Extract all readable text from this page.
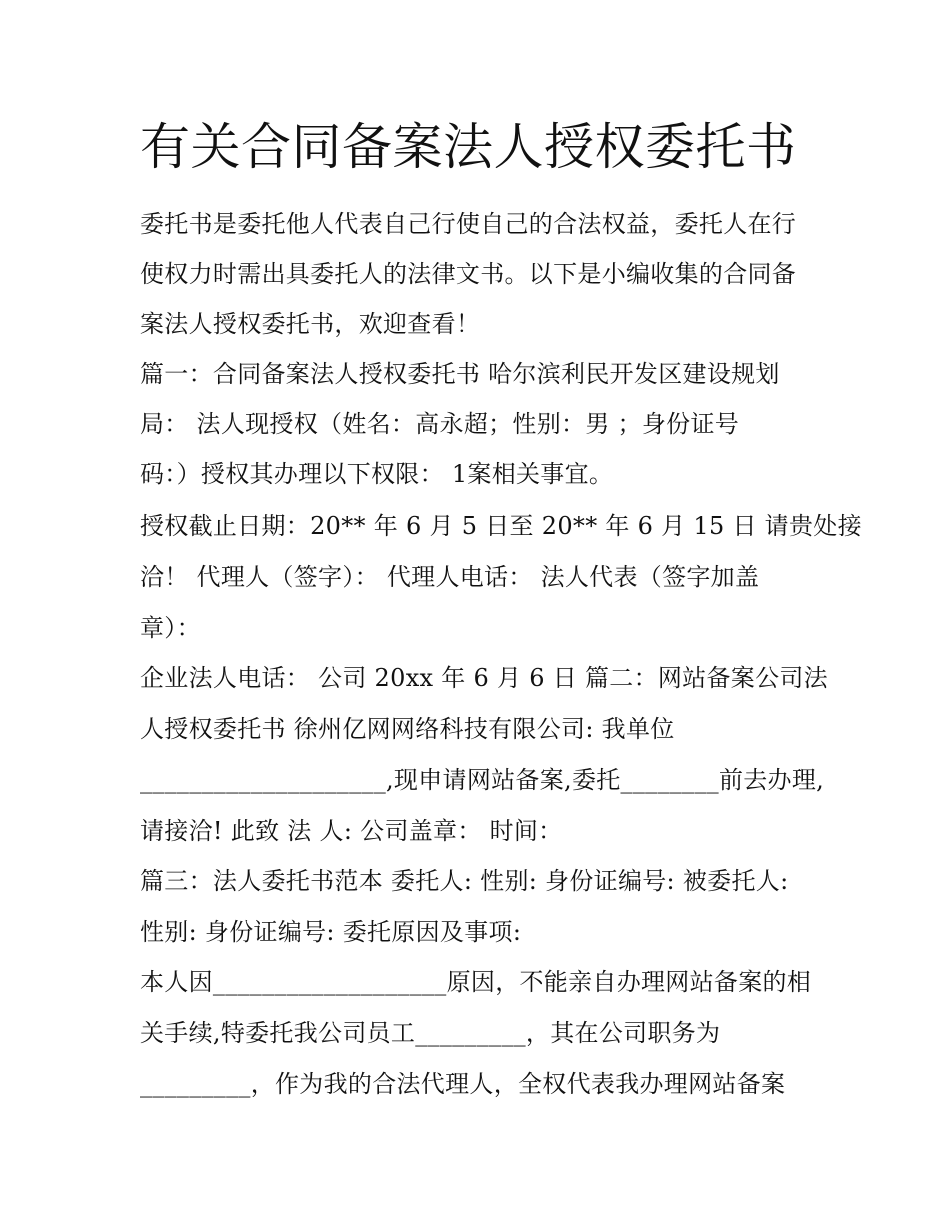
有关合同备案法人授权委托书
委托书是委托他人代表自己行使自己的合法权益，委托人在行
使权力时需出具委托人的法律文书。以下是小编收集的合同备
案法人授权委托书，欢迎查看！
篇一：合同备案法人授权委托书 哈尔滨利民开发区建设规划
局： 法人现授权（姓名：高永超；性别：男 ；身份证号
码：）授权其办理以下权限： 1案相关事宜。
授权截止日期：20** 年 6 月 5 日至 20** 年 6 月 15 日 请贵处接
洽！ 代理人（签字）： 代理人电话： 法人代表（签字加盖
章）：
企业法人电话： 公司 20xx 年 6 月 6 日 篇二：网站备案公司法
人授权委托书 徐州亿网网络科技有限公司: 我单位
____________________,现申请网站备案,委托________前去办理,
请接洽! 此致 法 人: 公司盖章： 时间：
篇三：法人委托书范本 委托人: 性别: 身份证编号: 被委托人:
性别: 身份证编号: 委托原因及事项:
本人因___________________原因，不能亲自办理网站备案的相
关手续,特委托我公司员工_________，其在公司职务为
_________，作为我的合法代理人，全权代表我办理网站备案
